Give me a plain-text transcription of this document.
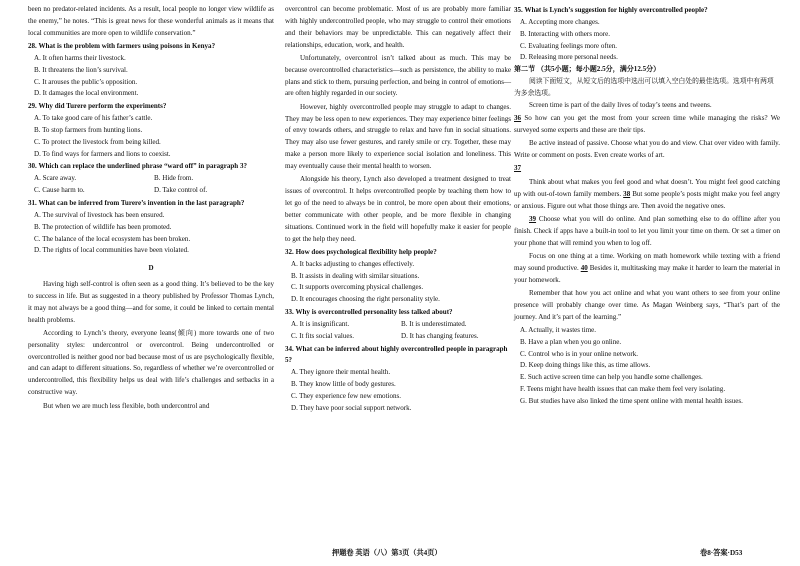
been no predator-related incidents. As a result, local people no longer view wildlife as the enemy,” he notes. “This is great news for these wonderful animals as it means that local communities are more open to wildlife conservation.”

28. What is the problem with farmers using poisons in Kenya?

A. It often harms their livestock.

B. It threatens the lion’s survival.

C. It arouses the public’s opposition.

D. It damages the local environment.

29. Why did Turere perform the experiments?

A. To take good care of his father’s cattle.

B. To stop farmers from hunting lions.

C. To protect the livestock from being killed.

D. To find ways for farmers and lions to coexist.

30. Which can replace the underlined phrase “ward off” in paragraph 3?

A. Scare away.	B. Hide from.
C. Cause harm to.	D. Take control of.

31. What can be inferred from Turere’s invention in the last paragraph?

A. The survival of livestock has been ensured.

B. The protection of wildlife has been promoted.

C. The balance of the local ecosystem has been broken.

D. The rights of local communities have been violated.

D

Having high self-control is often seen as a good thing. It’s believed to be the key to success in life. But as suggested in a theory published by Professor Thomas Lynch, it may not always be a good thing—and for some, it could be linked to certain mental health problems.

According to Lynch’s theory, everyone leans(倾向) more towards one of two personality styles: undercontrol or overcontrol. Being undercontrolled or overcontrolled is neither good nor bad because most of us are psychologically flexible, and can adapt to different situations. So, regardless of whether we’re overcontrolled or undercontrolled, this flexibility helps us deal with life’s challenges and setbacks in a constructive way.

But when we are much less flexible, both undercontrol and

overcontrol can become problematic. Most of us are probably more familiar with highly undercontrolled people, who may struggle to control their emotions and their behaviors may be unpredictable. This can negatively affect their relationships, education, work, and health.

Unfortunately, overcontrol isn’t talked about as much. This may be because overcontrolled characteristics—such as persistence, the ability to make plans and stick to them, pursuing perfection, and being in control of emotions—are often highly regarded in our society.

However, highly overcontrolled people may struggle to adapt to changes. They may be less open to new experiences. They may experience bitter feelings of envy towards others, and struggle to relax and have fun in social situations. They may also use fewer gestures, and rarely smile or cry. Together, these may make a person more likely to experience social isolation and loneliness. This may eventually cause their mental health to worsen.

Alongside his theory, Lynch also developed a treatment designed to treat issues of overcontrol. It helps overcontrolled people by teaching them how to let go of the need to always be in control, be more open about their emotions, better communicate with other people, and be more flexible in changing situations. Continued work in the field will hopefully make it easier for people to get the help they need.

32. How does psychological flexibility help people?

A. It backs adjusting to changes effectively.

B. It assists in dealing with similar situations.

C. It supports overcoming physical challenges.

D. It encourages choosing the right personality style.

33. Why is overcontrolled personality less talked about?

A. It is insignificant.	B. It is underestimated.
C. It fits social values.	D. It has changing features.

34. What can be inferred about highly overcontrolled people in paragraph 5?

A. They ignore their mental health.

B. They know little of body gestures.

C. They experience few new emotions.

D. They have poor social support network.

35. What is Lynch’s suggestion for highly overcontrolled people?

A. Accepting more changes.

B. Interacting with others more.

C. Evaluating feelings more often.

D. Releasing more personal needs.

第二节 （共5小题；每小题2.5分，满分12.5分）

阅读下面短文，从短文后的选项中选出可以填入空白处的最佳选项。选项中有两项为多余选项。

Screen time is part of the daily lives of today’s teens and tweens.

36 So how can you get the most from your screen time while managing the risks? We surveyed some experts and these are their tips.

Be active instead of passive. Choose what you do and view. Chat over video with family. Write or comment on posts. Even create works of art.

37

Think about what makes you feel good and what doesn’t. You might feel good catching up with out-of-town family members. 38 But some people’s posts might make you feel angry or anxious. Figure out what those things are. Then avoid the negative ones.

39 Choose what you will do online. And plan something else to do offline after you finish. Check if apps have a built-in tool to let you limit your time on them. Or set a timer on your phone that will remind you when to log off.

Focus on one thing at a time. Working on math homework while texting with a friend may sound productive. 40 Besides it, multitasking may make it harder to learn the material in your homework.

Remember that how you act online and what you want others to see from your online presence will probably change over time. As Magan Weinberg says, “That’s part of the journey. And it’s part of the learning.”

A. Actually, it wastes time.

B. Have a plan when you go online.

C. Control who is in your online network.

D. Keep doing things like this, as time allows.

E. Such active screen time can help you handle some challenges.

F. Teens might have health issues that can make them feel very isolating.

G. But studies have also linked the time spent online with mental health issues.

押题卷 英语（八）第3页（共4页）	卷8·答案·D53
